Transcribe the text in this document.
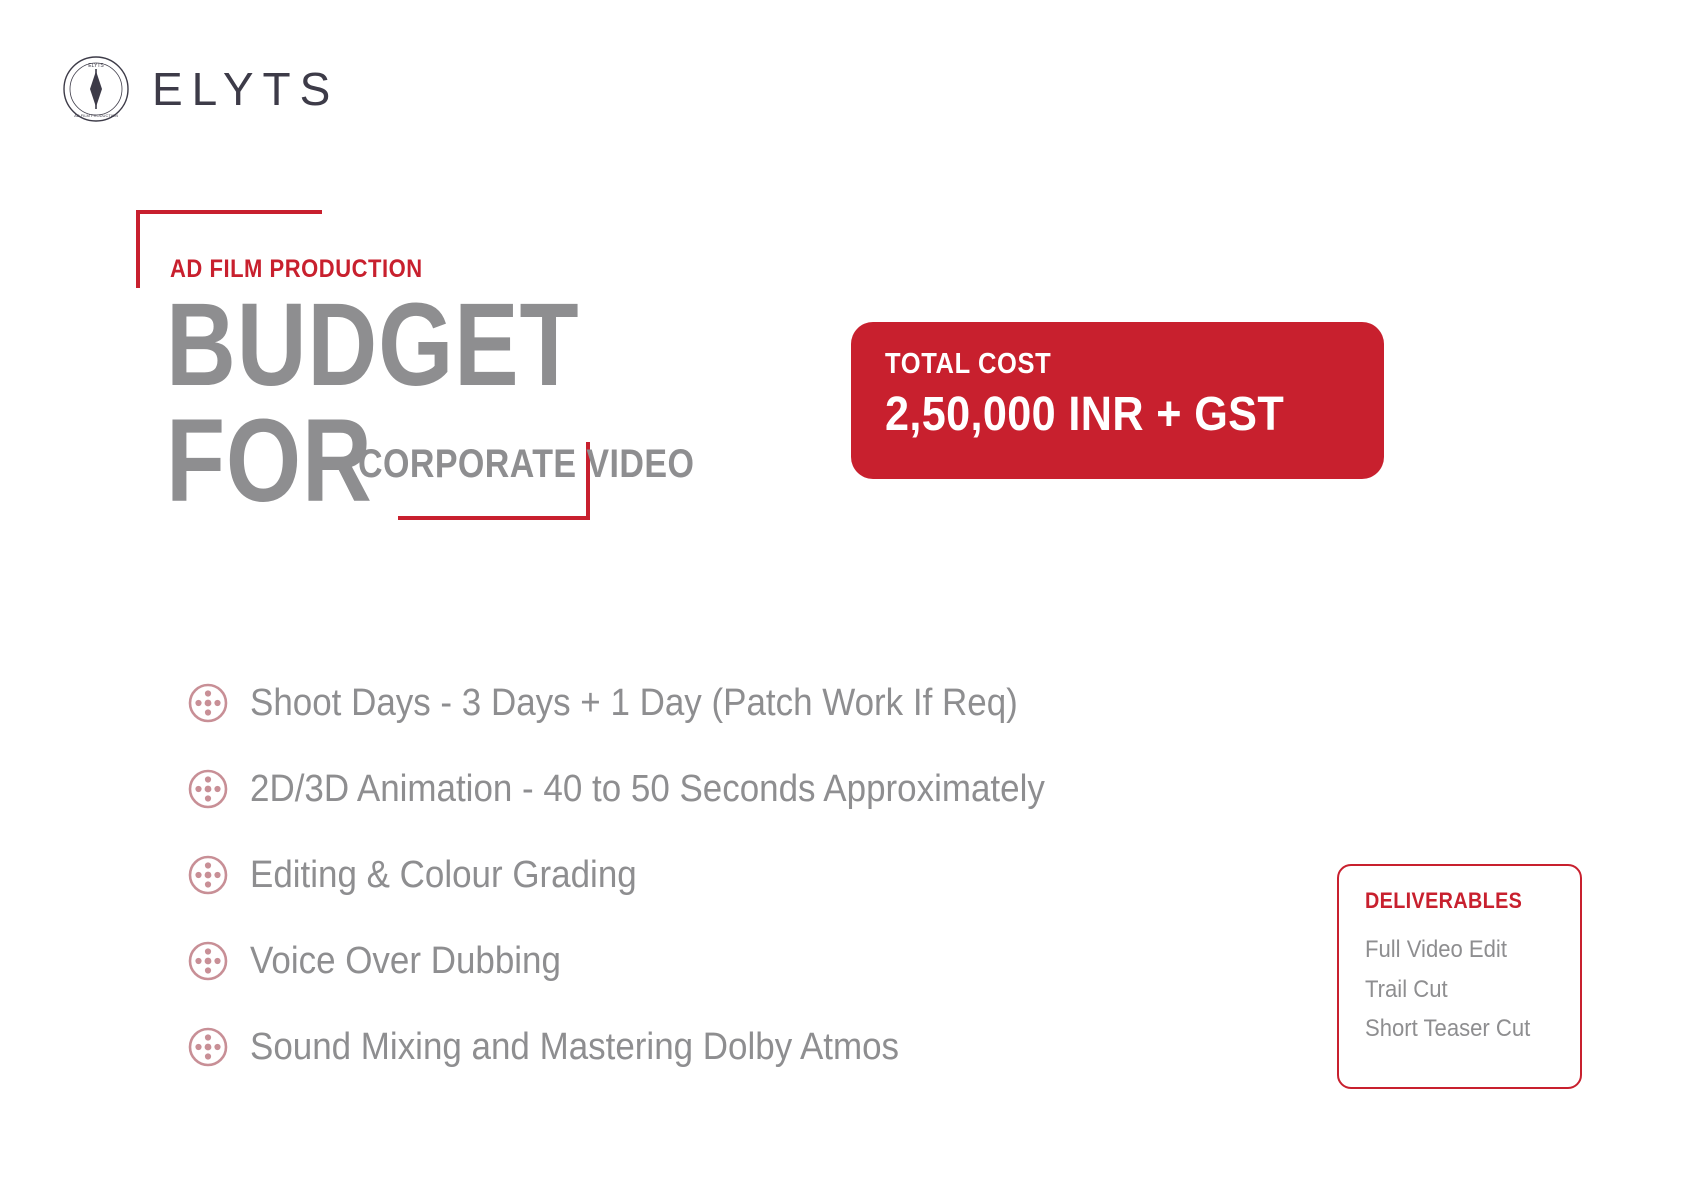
ELYTS
AD FILM PRODUCTION
ELYTS
AD FILM PRODUCTION
BUDGET FOR
CORPORATE VIDEO
TOTAL COST
2,50,000 INR + GST
Shoot Days - 3 Days + 1 Day (Patch Work If Req)
2D/3D Animation - 40 to 50 Seconds Approximately
Editing & Colour Grading
Voice Over Dubbing
Sound Mixing and Mastering Dolby Atmos
DELIVERABLES
Full Video Edit
Trail Cut
Short Teaser Cut
